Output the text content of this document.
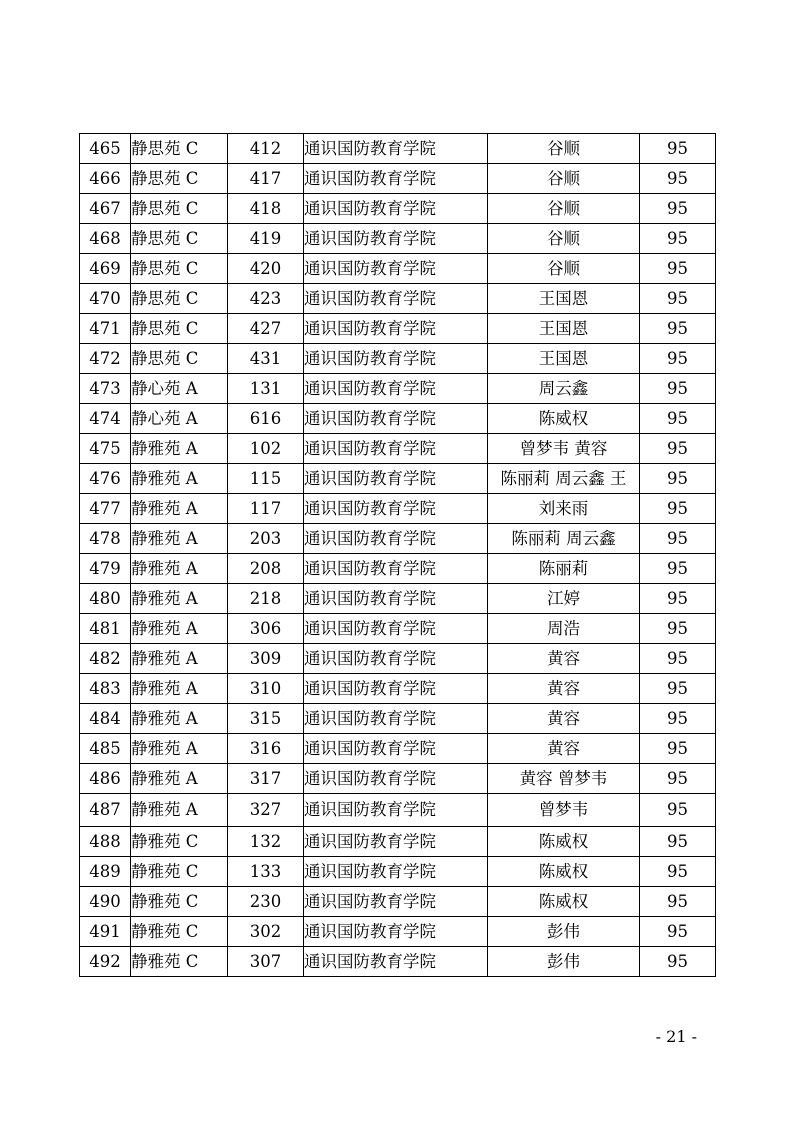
465	静思苑 C	412	通识国防教育学院	谷顺	95
466	静思苑 C	417	通识国防教育学院	谷顺	95
467	静思苑 C	418	通识国防教育学院	谷顺	95
468	静思苑 C	419	通识国防教育学院	谷顺	95
469	静思苑 C	420	通识国防教育学院	谷顺	95
470	静思苑 C	423	通识国防教育学院	王国恩	95
471	静思苑 C	427	通识国防教育学院	王国恩	95
472	静思苑 C	431	通识国防教育学院	王国恩	95
473	静心苑 A	131	通识国防教育学院	周云鑫	95
474	静心苑 A	616	通识国防教育学院	陈威权	95
475	静雅苑 A	102	通识国防教育学院	曾梦韦 黄容	95
476	静雅苑 A	115	通识国防教育学院	陈丽莉 周云鑫 王	95
477	静雅苑 A	117	通识国防教育学院	刘来雨	95
478	静雅苑 A	203	通识国防教育学院	陈丽莉 周云鑫	95
479	静雅苑 A	208	通识国防教育学院	陈丽莉	95
480	静雅苑 A	218	通识国防教育学院	江婷	95
481	静雅苑 A	306	通识国防教育学院	周浩	95
482	静雅苑 A	309	通识国防教育学院	黄容	95
483	静雅苑 A	310	通识国防教育学院	黄容	95
484	静雅苑 A	315	通识国防教育学院	黄容	95
485	静雅苑 A	316	通识国防教育学院	黄容	95
486	静雅苑 A	317	通识国防教育学院	黄容 曾梦韦	95
487	静雅苑 A	327	通识国防教育学院	曾梦韦	95
488	静雅苑 C	132	通识国防教育学院	陈威权	95
489	静雅苑 C	133	通识国防教育学院	陈威权	95
490	静雅苑 C	230	通识国防教育学院	陈威权	95
491	静雅苑 C	302	通识国防教育学院	彭伟	95
492	静雅苑 C	307	通识国防教育学院	彭伟	95
- 21 -
